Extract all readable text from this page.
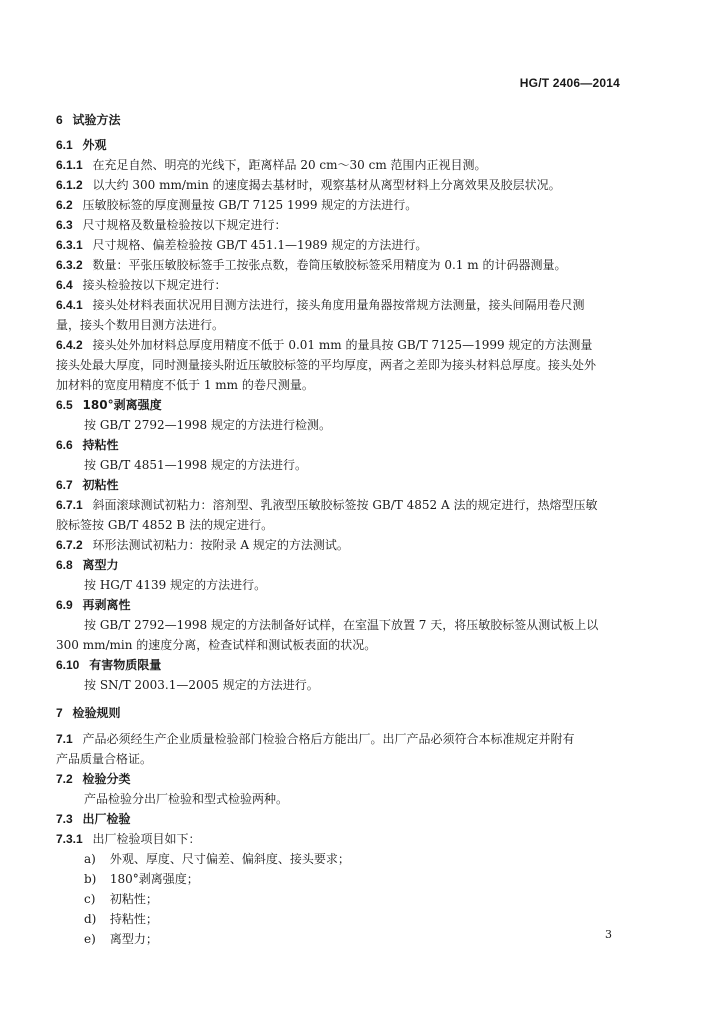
HG/T 2406—2014
6 试验方法
6.1 外观
6.1.1 在充足自然、明亮的光线下，距离样品 20 cm～30 cm 范围内正视目测。
6.1.2 以大约 300 mm/min 的速度揭去基材时，观察基材从离型材料上分离效果及胶层状况。
6.2 压敏胶标签的厚度测量按 GB/T 7125 1999 规定的方法进行。
6.3 尺寸规格及数量检验按以下规定进行：
6.3.1 尺寸规格、偏差检验按 GB/T 451.1—1989 规定的方法进行。
6.3.2 数量：平张压敏胶标签手工按张点数，卷筒压敏胶标签采用精度为 0.1 m 的计码器测量。
6.4 接头检验按以下规定进行：
6.4.1 接头处材料表面状况用目测方法进行，接头角度用量角器按常规方法测量，接头间隔用卷尺测
量，接头个数用目测方法进行。
6.4.2 接头处外加材料总厚度用精度不低于 0.01 mm 的量具按 GB/T 7125—1999 规定的方法测量
接头处最大厚度，同时测量接头附近压敏胶标签的平均厚度，两者之差即为接头材料总厚度。接头处外
加材料的宽度用精度不低于 1 mm 的卷尺测量。
6.5 180°剥离强度
按 GB/T 2792—1998 规定的方法进行检测。
6.6 持粘性
按 GB/T 4851—1998 规定的方法进行。
6.7 初粘性
6.7.1 斜面滚球测试初粘力：溶剂型、乳液型压敏胶标签按 GB/T 4852 A 法的规定进行，热熔型压敏
胶标签按 GB/T 4852 B 法的规定进行。
6.7.2 环形法测试初粘力：按附录 A 规定的方法测试。
6.8 离型力
按 HG/T 4139 规定的方法进行。
6.9 再剥离性
按 GB/T 2792—1998 规定的方法制备好试样，在室温下放置 7 天，将压敏胶标签从测试板上以
300 mm/min 的速度分离，检查试样和测试板表面的状况。
6.10 有害物质限量
按 SN/T 2003.1—2005 规定的方法进行。
7 检验规则
7.1 产品必须经生产企业质量检验部门检验合格后方能出厂。出厂产品必须符合本标准规定并附有
产品质量合格证。
7.2 检验分类
产品检验分出厂检验和型式检验两种。
7.3 出厂检验
7.3.1 出厂检验项目如下：
a) 外观、厚度、尺寸偏差、偏斜度、接头要求；
b) 180°剥离强度；
c) 初粘性；
d) 持粘性；
e) 离型力；	3
